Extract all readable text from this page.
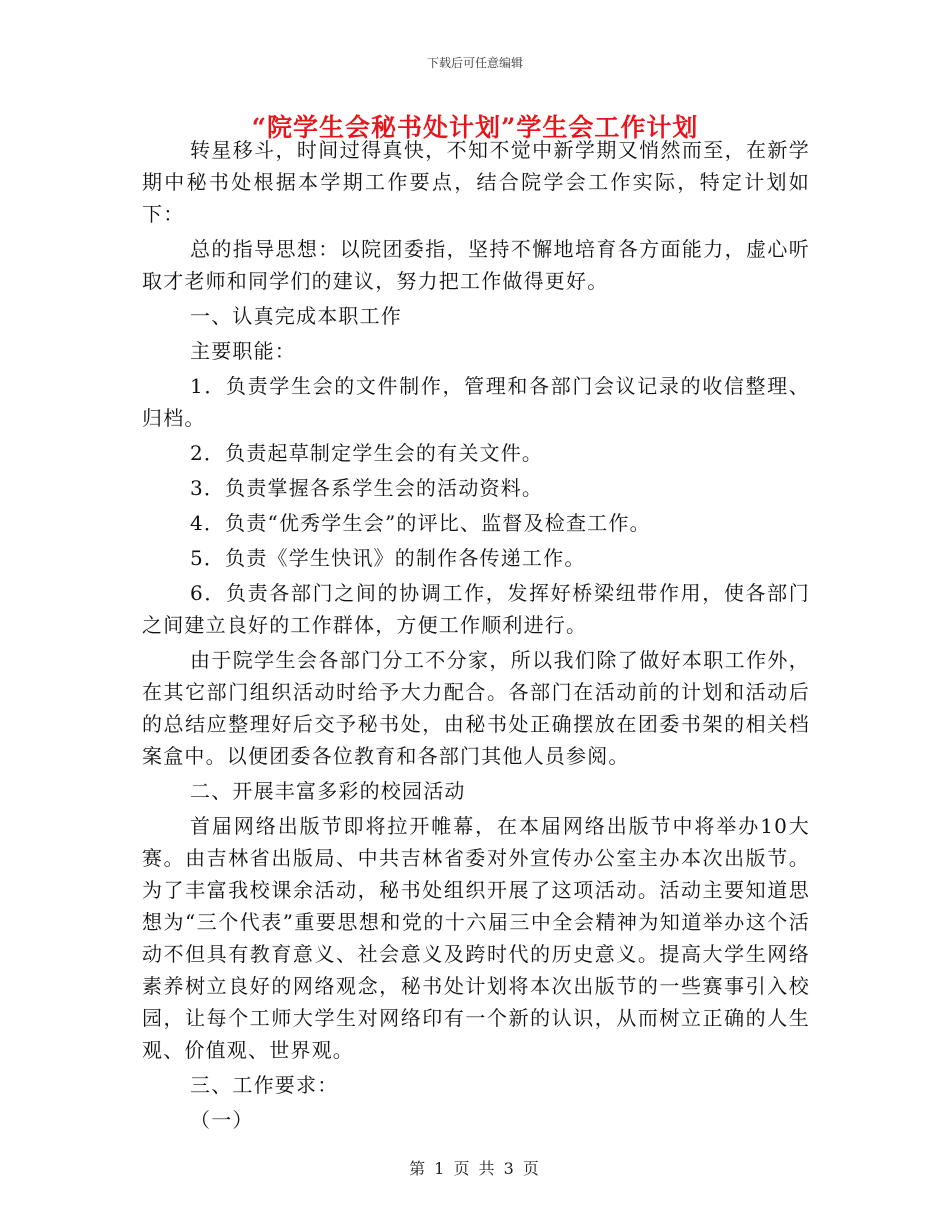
下载后可任意编辑
“院学生会秘书处计划”学生会工作计划

转星移斗，时间过得真快，不知不觉中新学期又悄然而至，在新学期中秘书处根据本学期工作要点，结合院学会工作实际，特定计划如下：

总的指导思想：以院团委指，坚持不懈地培育各方面能力，虚心听取才老师和同学们的建议，努力把工作做得更好。

一、认真完成本职工作

主要职能：

1．负责学生会的文件制作，管理和各部门会议记录的收信整理、归档。

2．负责起草制定学生会的有关文件。

3．负责掌握各系学生会的活动资料。

4．负责“优秀学生会”的评比、监督及检查工作。

5．负责《学生快讯》的制作各传递工作。

6．负责各部门之间的协调工作，发挥好桥梁纽带作用，使各部门之间建立良好的工作群体，方便工作顺利进行。

由于院学生会各部门分工不分家，所以我们除了做好本职工作外，在其它部门组织活动时给予大力配合。各部门在活动前的计划和活动后的总结应整理好后交予秘书处，由秘书处正确摆放在团委书架的相关档案盒中。以便团委各位教育和各部门其他人员参阅。

二、开展丰富多彩的校园活动

首届网络出版节即将拉开帷幕，在本届网络出版节中将举办10大赛。由吉林省出版局、中共吉林省委对外宣传办公室主办本次出版节。为了丰富我校课余活动，秘书处组织开展了这项活动。活动主要知道思想为“三个代表”重要思想和党的十六届三中全会精神为知道举办这个活动不但具有教育意义、社会意义及跨时代的历史意义。提高大学生网络素养树立良好的网络观念，秘书处计划将本次出版节的一些赛事引入校园，让每个工师大学生对网络印有一个新的认识，从而树立正确的人生观、价值观、世界观。

三、工作要求：

（一）

第 1 页 共 3 页
